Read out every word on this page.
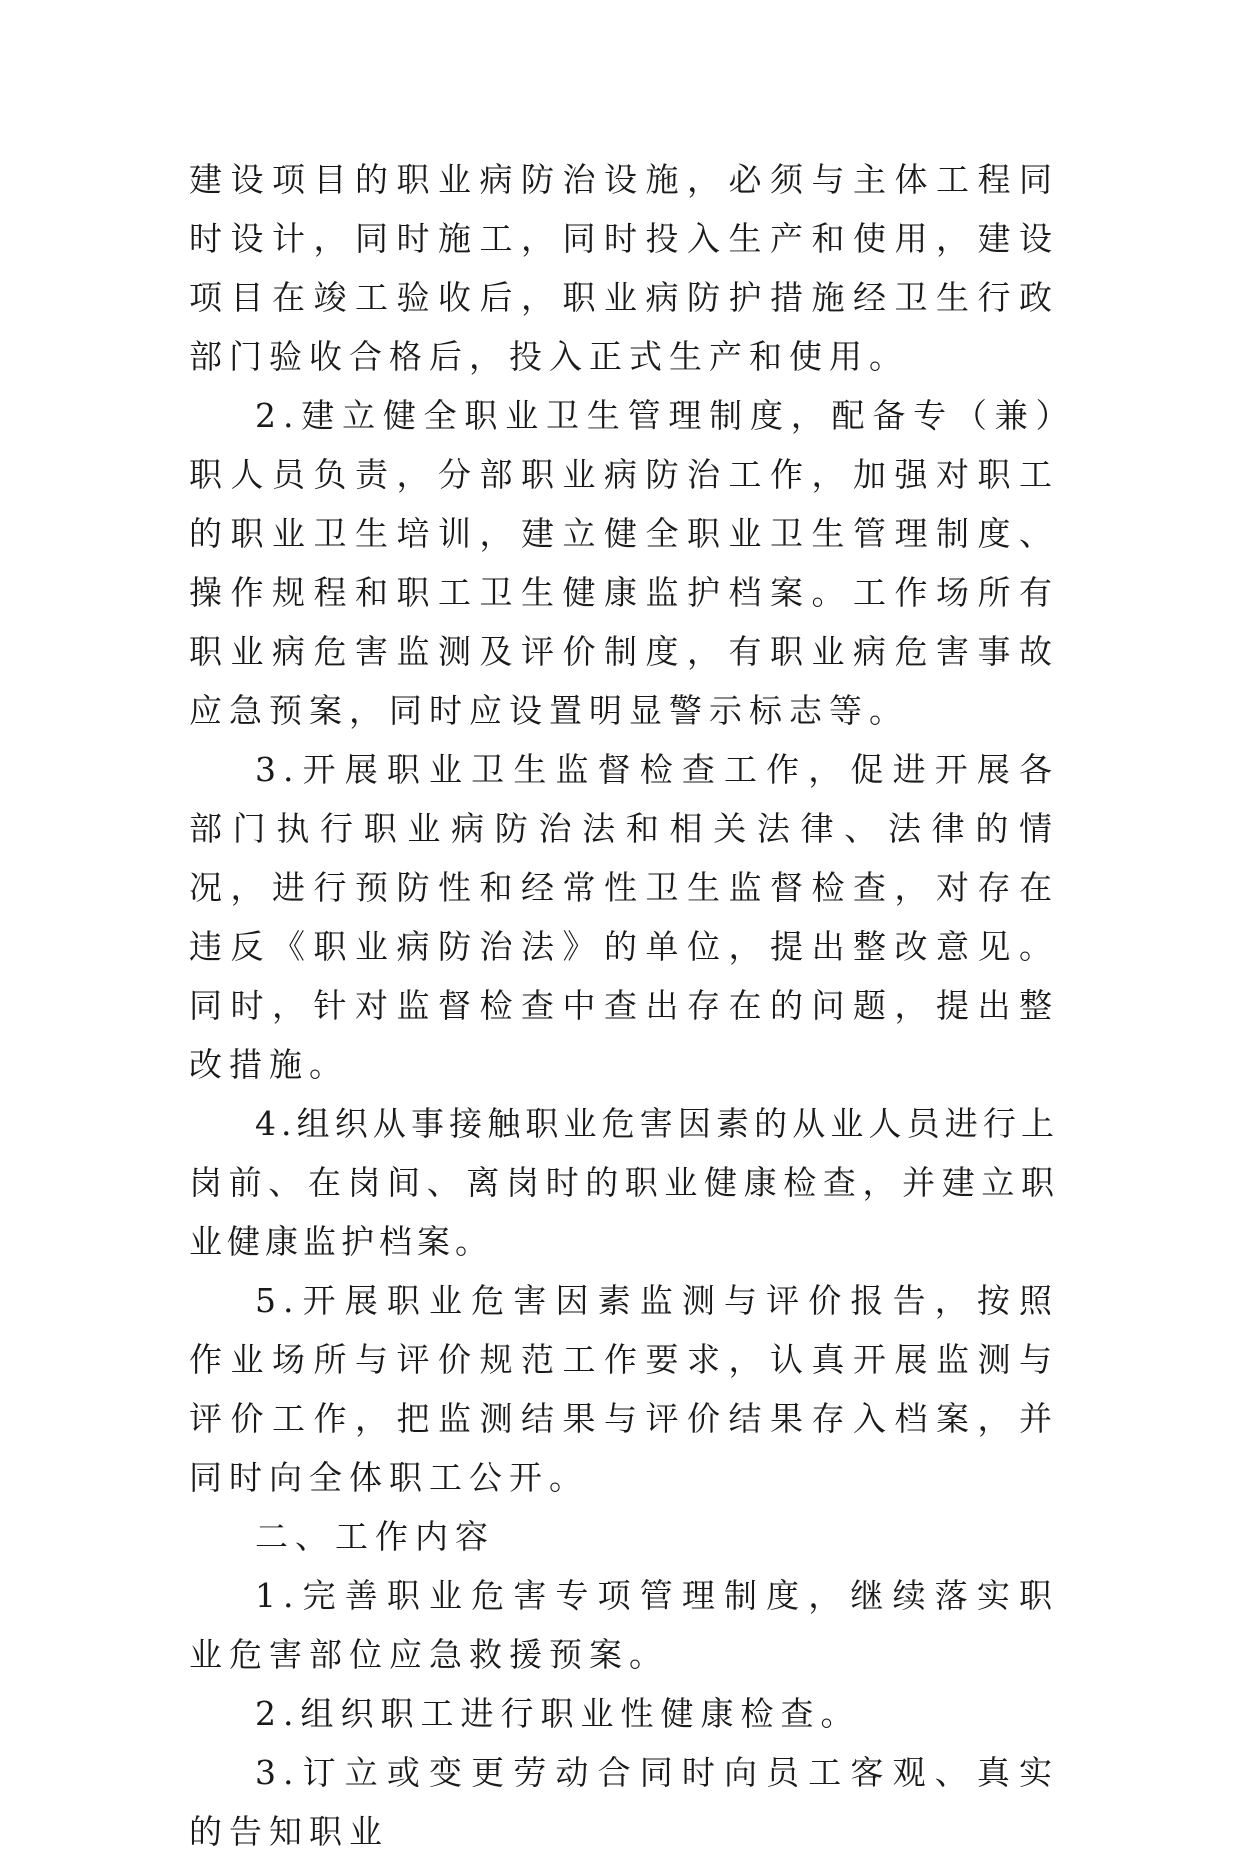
建设项目的职业病防治设施，必须与主体工程同时设计，同时施工，同时投入生产和使用，建设项目在竣工验收后，职业病防护措施经卫生行政部门验收合格后，投入正式生产和使用。

2.建立健全职业卫生管理制度，配备专（兼）职人员负责，分部职业病防治工作，加强对职工的职业卫生培训，建立健全职业卫生管理制度、操作规程和职工卫生健康监护档案。工作场所有职业病危害监测及评价制度，有职业病危害事故应急预案，同时应设置明显警示标志等。

3.开展职业卫生监督检查工作，促进开展各部门执行职业病防治法和相关法律、法律的情况，进行预防性和经常性卫生监督检查，对存在违反《职业病防治法》的单位，提出整改意见。同时，针对监督检查中查出存在的问题，提出整改措施。

4.组织从事接触职业危害因素的从业人员进行上岗前、在岗间、离岗时的职业健康检查，并建立职业健康监护档案。

5.开展职业危害因素监测与评价报告，按照作业场所与评价规范工作要求，认真开展监测与评价工作，把监测结果与评价结果存入档案，并同时向全体职工公开。

二、工作内容

1.完善职业危害专项管理制度，继续落实职业危害部位应急救援预案。

2.组织职工进行职业性健康检查。

3.订立或变更劳动合同时向员工客观、真实的告知职业
